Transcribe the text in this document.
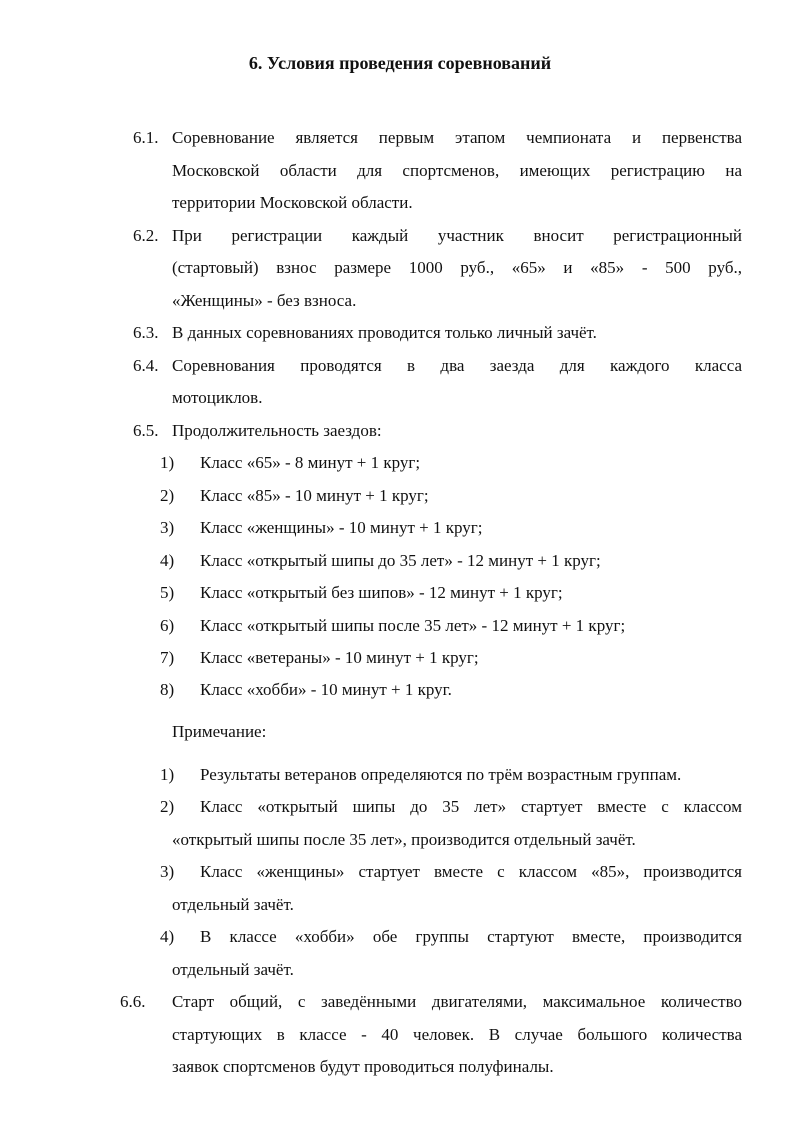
6. Условия проведения соревнований
6.1. Соревнование является первым этапом чемпионата и первенства
Московской области для спортсменов, имеющих регистрацию на
территории Московской области.
6.2. При регистрации каждый участник вносит регистрационный
(стартовый) взнос размере 1000 руб., «65» и «85» - 500 руб.,
«Женщины» - без взноса.
6.3. В данных соревнованиях проводится только личный зачёт.
6.4. Соревнования проводятся в два заезда для каждого класса
мотоциклов.
6.5. Продолжительность заездов:
1) Класс «65» - 8 минут + 1 круг;
2) Класс «85» - 10 минут + 1 круг;
3) Класс «женщины» - 10 минут + 1 круг;
4) Класс «открытый шипы до 35 лет» - 12 минут + 1 круг;
5) Класс «открытый без шипов» - 12 минут + 1 круг;
6) Класс «открытый шипы после 35 лет» - 12 минут + 1 круг;
7) Класс «ветераны» - 10 минут + 1 круг;
8) Класс «хобби» - 10 минут + 1 круг.
Примечание:
1) Результаты ветеранов определяются по трём возрастным группам.
2) Класс «открытый шипы до 35 лет» стартует вместе с классом
«открытый шипы после 35 лет», производится отдельный зачёт.
3) Класс «женщины» стартует вместе с классом «85», производится
отдельный зачёт.
4) В классе «хобби» обе группы стартуют вместе, производится
отдельный зачёт.
6.6. Старт общий, с заведёнными двигателями, максимальное количество
стартующих в классе - 40 человек. В случае большого количества
заявок спортсменов будут проводиться полуфиналы.
